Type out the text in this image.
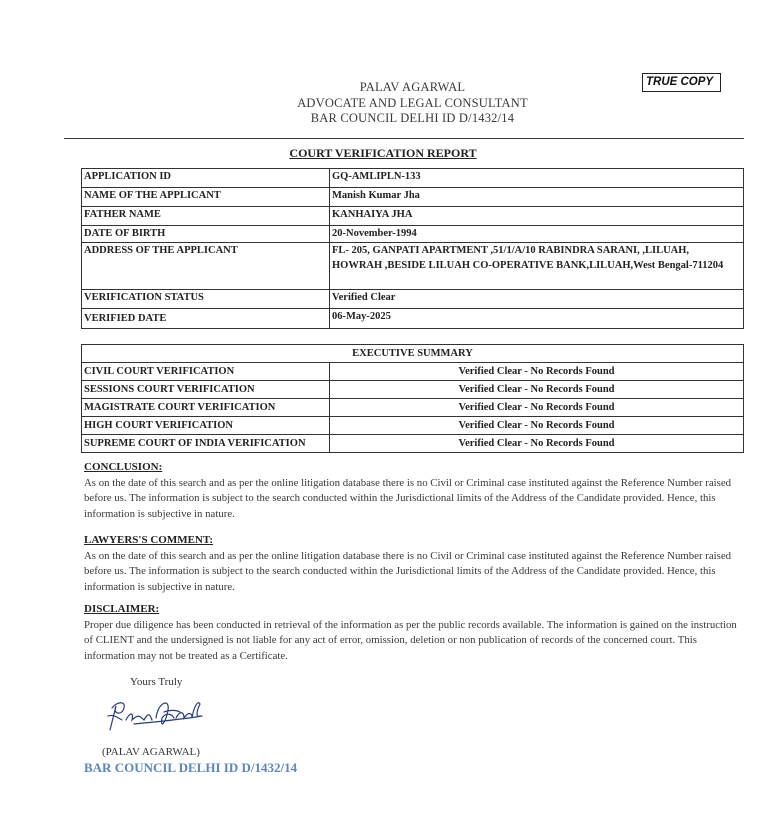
PALAV AGARWAL
ADVOCATE AND LEGAL CONSULTANT
BAR COUNCIL DELHI ID D/1432/14
TRUE COPY
COURT VERIFICATION REPORT
APPLICATION ID	GQ-AMLIPLN-133
NAME OF THE APPLICANT	Manish Kumar Jha
FATHER NAME	KANHAIYA JHA
DATE OF BIRTH	20-November-1994
ADDRESS OF THE APPLICANT	FL- 205, GANPATI APARTMENT ,51/1/A/10 RABINDRA SARANI, ,LILUAH, HOWRAH ,BESIDE LILUAH CO-OPERATIVE BANK,LILUAH,West Bengal-711204
VERIFICATION STATUS	Verified Clear
VERIFIED DATE	06-May-2025
EXECUTIVE SUMMARY	
CIVIL COURT VERIFICATION	Verified Clear - No Records Found
SESSIONS COURT VERIFICATION	Verified Clear - No Records Found
MAGISTRATE COURT VERIFICATION	Verified Clear - No Records Found
HIGH COURT VERIFICATION	Verified Clear - No Records Found
SUPREME COURT OF INDIA VERIFICATION	Verified Clear - No Records Found
CONCLUSION:
As on the date of this search and as per the online litigation database there is no Civil or Criminal case instituted against the Reference Number raised before us. The information is subject to the search conducted within the Jurisdictional limits of the Address of the Candidate provided. Hence, this information is subjective in nature.
LAWYERS'S COMMENT:
As on the date of this search and as per the online litigation database there is no Civil or Criminal case instituted against the Reference Number raised before us. The information is subject to the search conducted within the Jurisdictional limits of the Address of the Candidate provided. Hence, this information is subjective in nature.
DISCLAIMER:
Proper due diligence has been conducted in retrieval of the information as per the public records available. The information is gained on the instruction of CLIENT and the undersigned is not liable for any act of error, omission, deletion or non publication of records of the concerned court. This information may not be treated as a Certificate.
Yours Truly
(PALAV AGARWAL)
BAR COUNCIL DELHI ID D/1432/14
